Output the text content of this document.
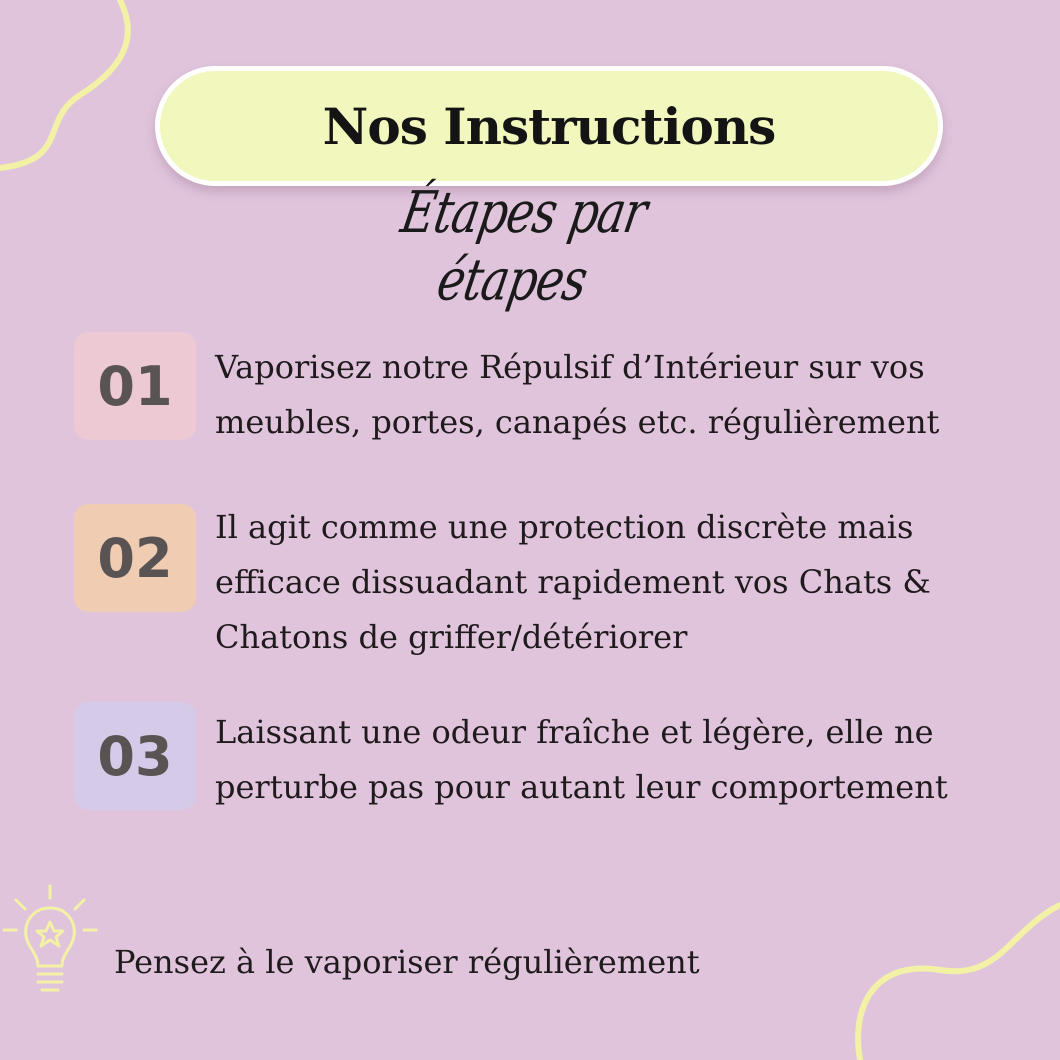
Nos Instructions
Étapes par étapes
01	Vaporisez notre Répulsif d’Intérieur sur vos
meubles, portes, canapés etc. régulièrement
02	Il agit comme une protection discrète mais
efficace dissuadant rapidement vos Chats &
Chatons de griffer/détériorer
03	Laissant une odeur fraîche et légère, elle ne
perturbe pas pour autant leur comportement
Pensez à le vaporiser régulièrement
